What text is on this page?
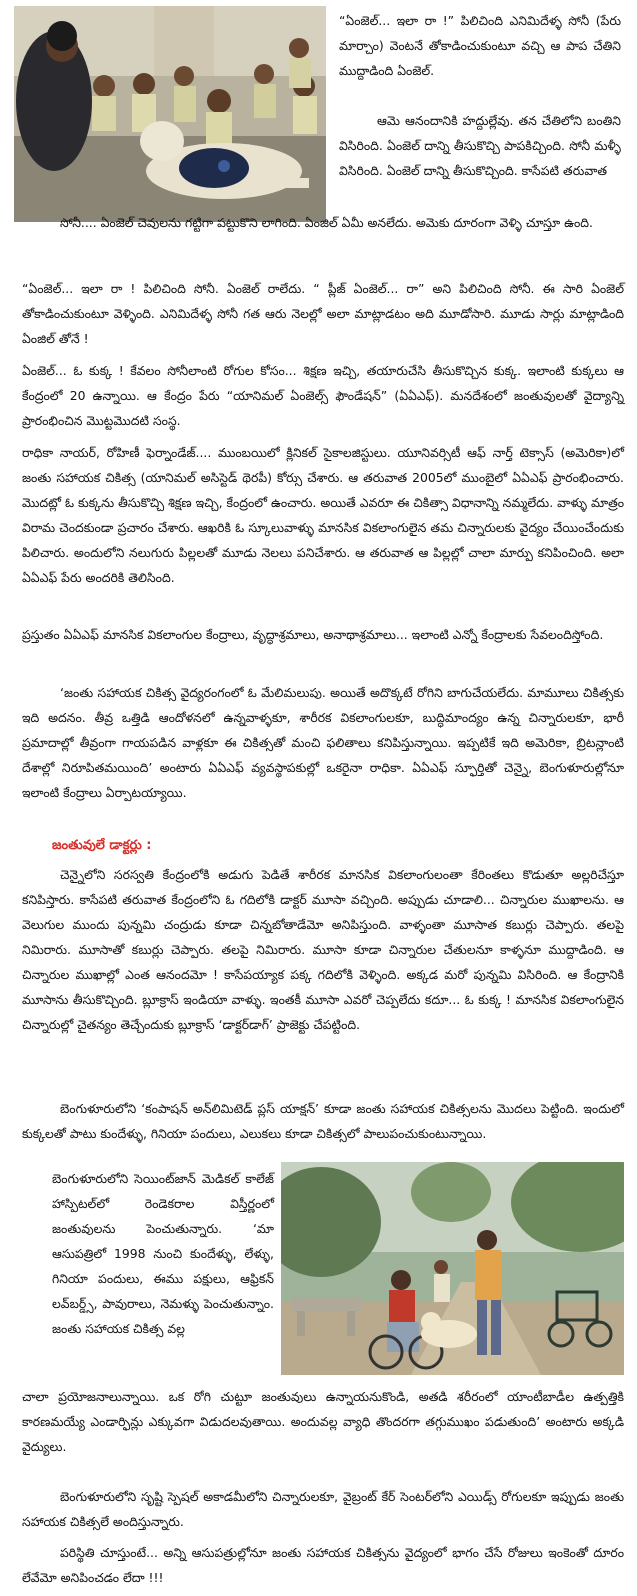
“ఏంజెల్... ఇలా రా !” పిలిచింది ఎనిమిదేళ్ళ సోనీ (పేరు మార్చాం) వెంటనే తోకాడించుకుంటూ వచ్చి ఆ పాప చేతిని ముద్దాడింది ఏంజెల్.

ఆమె ఆనందానికి హద్దుల్లేవు. తన చేతిలోని బంతిని విసిరింది. ఏంజెల్ దాన్ని తీసుకొచ్చి పాపకిచ్చింది. సోనీ మళ్ళీ విసిరింది. ఏంజెల్ దాన్ని తీసుకొచ్చింది. కాసేపటి తరువాత

సోనీ.... ఏంజెల్ చెవులను గట్టిగా పట్టుకొని లాగింది. ఏంజిల్ ఏమీ అనలేదు. అమెకు దూరంగా వెళ్ళి చూస్తూ ఉంది.

“ఏంజెల్... ఇలా రా ! పిలిచింది సోనీ. ఏంజెల్ రాలేదు. “ ప్లీజ్ ఏంజెల్... రా” అని పిలిచింది సోనీ. ఈ సారి ఏంజెల్ తోకాడించుకుంటూ వెళ్ళింది. ఎనిమిదేళ్ళ సోనీ గత ఆరు నెలల్లో అలా మాట్లాడటం అది మూడోసారి. మూడు సార్లు మాట్లాడింది ఏంజిల్ తోనే !

ఏంజెల్... ఓ కుక్క ! కేవలం సోనీలాంటి రోగుల కోసం... శిక్షణ ఇచ్చి, తయారుచేసి తీసుకొచ్చిన కుక్క. ఇలాంటి కుక్కలు ఆ కేంద్రంలో 20 ఉన్నాయి. ఆ కేంద్రం పేరు “యానిమల్ ఏంజెల్స్ ఫౌండేషన్” (ఏఏఎఫ్). మనదేశంలో జంతువులతో వైద్యాన్ని ప్రారంభించిన మొట్టమొదటి సంస్థ.

రాధికా నాయర్, రోహిణీ ఫెర్నాండేజ్.... ముంబయిలో క్లినికల్ సైకాలజిస్టులు. యూనివర్సిటీ ఆఫ్ నార్త్ టెక్సాస్ (అమెరికా)లో జంతు సహాయక చికిత్స (యానిమల్ అసిస్టెడ్ థెరపీ) కోర్సు చేశారు. ఆ తరువాత 2005లో ముంబైలో ఏఏఎఫ్ ప్రారంభించారు. మొదట్లో ఓ కుక్కను తీసుకొచ్చి శిక్షణ ఇచ్చి, కేంద్రంలో ఉంచారు. అయితే ఎవరూ ఈ చికిత్సా విధానాన్ని నమ్మలేదు. వాళ్ళు మాత్రం విరామ చెందకుండా ప్రచారం చేశారు. ఆఖరికి ఓ స్కూలువాళ్ళు మానసిక వికలాంగులైన తమ చిన్నారులకు వైద్యం చేయించేందుకు పిలిచారు. అందులోని నలుగురు పిల్లలతో మూడు నెలలు పనిచేశారు. ఆ తరువాత ఆ పిల్లల్లో చాలా మార్పు కనిపించింది. అలా ఏఏఎఫ్ పేరు అందరికి తెలిసింది.

ప్రస్తుతం ఏఏఎఫ్ మానసిక వికలాంగుల కేంద్రాలు, వృద్ధాశ్రమాలు, అనాథాశ్రమాలు... ఇలాంటి ఎన్నో కేంద్రాలకు సేవలందిస్తోంది.

‘జంతు సహాయక చికిత్స వైద్యరంగంలో ఓ మేలిమలుపు. అయితే అదొక్కటే రోగిని బాగుచేయలేదు. మామూలు చికిత్సకు ఇది అదనం. తీవ్ర ఒత్తిడి ఆందోళనలో ఉన్నవాళ్ళకూ, శారీరక వికలాంగులకూ, బుద్ధిమాంద్యం ఉన్న చిన్నారులకూ, భారీ ప్రమాదాల్లో తీవ్రంగా గాయపడిన వాళ్లకూ ఈ చికిత్సతో మంచి ఫలితాలు కనిపిస్తున్నాయి. ఇప్పటికే ఇది అమెరికా, బ్రిటన్లాంటి దేశాల్లో నిరూపితమయింది’ అంటారు ఏఏఎఫ్ వ్యవస్థాపకుల్లో ఒకరైనా రాధికా. ఏఏఎఫ్ స్ఫూర్తితో చెన్నై, బెంగుళూరుల్లోనూ ఇలాంటి కేంద్రాలు ఏర్పాటయ్యాయి.

జంతువులే డాక్టర్లు :

చెన్నైలోని సరస్వతి కేంద్రంలోకి అడుగు పెడితే శారీరక మానసిక వికలాంగులంతా కేరింతలు కొడుతూ అల్లరిచేస్తూ కనిపిస్తారు. కాసేపటి తరువాత కేంద్రంలోని ఓ గదిలోకి డాక్టర్ మూసా వచ్చింది. అప్పుడు చూడాలి... చిన్నారుల ముఖాలను. ఆ వెలుగుల ముందు పున్నమి చంద్రుడు కూడా చిన్నబోతాడేమో అనిపిస్తుంది. వాళ్ళంతా మూసాత కబుర్లు చెప్పారు. తలపై నిమిరారు. మూసాతో కబుర్లు చెప్పారు. తలపై నిమిరారు. మూసా కూడా చిన్నారుల చేతులనూ కాళ్ళనూ ముద్దాడింది. ఆ చిన్నారుల ముఖాల్లో ఎంత ఆనందమో ! కాసేపయ్యాక పక్క గదిలోకి వెళ్ళింది. అక్కడ మరో పున్నమి విసిరింది. ఆ కేంద్రానికి మూసాను తీసుకొచ్చింది. బ్లూక్రాస్ ఇండియా వాళ్ళు. ఇంతకీ మూసా ఎవరో చెప్పలేదు కదూ... ఓ కుక్క ! మానసిక వికలాంగులైన చిన్నారుల్లో చైతన్యం తెచ్చేందుకు బ్లూక్రాస్ ‘డాక్టర్‌డాగ్’ ప్రాజెక్టు చేపట్టింది.

బెంగుళూరులోని ‘కంపాషన్ అన్‌లిమిటెడ్ ప్లస్ యాక్షన్’ కూడా జంతు సహాయక చికిత్సలను మొదలు పెట్టింది. ఇందులో కుక్కలతో పాటు కుందేళ్ళు, గినియా పందులు, ఎలుకలు కూడా చికిత్సలో పాలుపంచుకుంటున్నాయి.

బెంగుళూరులోని సెయింట్‌జాన్ మెడికల్ కాలేజ్ హాస్పిటల్‌లో రెండెకరాల విస్తీర్ణంలో జంతువులను పెంచుతున్నారు. ‘మా ఆసుపత్రిలో 1998 నుంచి కుందేళ్ళు, లేళ్ళు, గినియా పందులు, ఈము పక్షులు, ఆఫ్రికన్ లవ్‌బర్డ్స్, పావురాలు, నెమళ్ళు పెంచుతున్నాం. జంతు సహాయక చికిత్స వల్ల

చాలా ప్రయోజనాలున్నాయి. ఒక రోగి చుట్టూ జంతువులు ఉన్నాయనుకొండి, అతడి శరీరంలో యాంటీబాడీల ఉత్పత్తికి కారణమయ్యే ఎండార్ఫిన్లు ఎక్కువగా విడుదలవుతాయి. అందువల్ల వ్యాధి తొందరగా తగ్గుముఖం పడుతుంది’ అంటారు అక్కడి వైద్యులు.

బెంగుళూరులోని సృష్టి స్పెషల్ అకాడమీలోని చిన్నారులకూ, వైబ్రంట్ కేర్ సెంటర్‌లోని ఎయిడ్స్ రోగులకూ ఇప్పుడు జంతు సహాయక చికిత్సలే అందిస్తున్నారు.

పరిస్థితి చూస్తుంటే... అన్ని ఆసుపత్రుల్లోనూ జంతు సహాయక చికిత్సను వైద్యంలో భాగం చేసే రోజులు ఇంకెంతో దూరం లేవేమో అనిపించడం లేదా !!!
